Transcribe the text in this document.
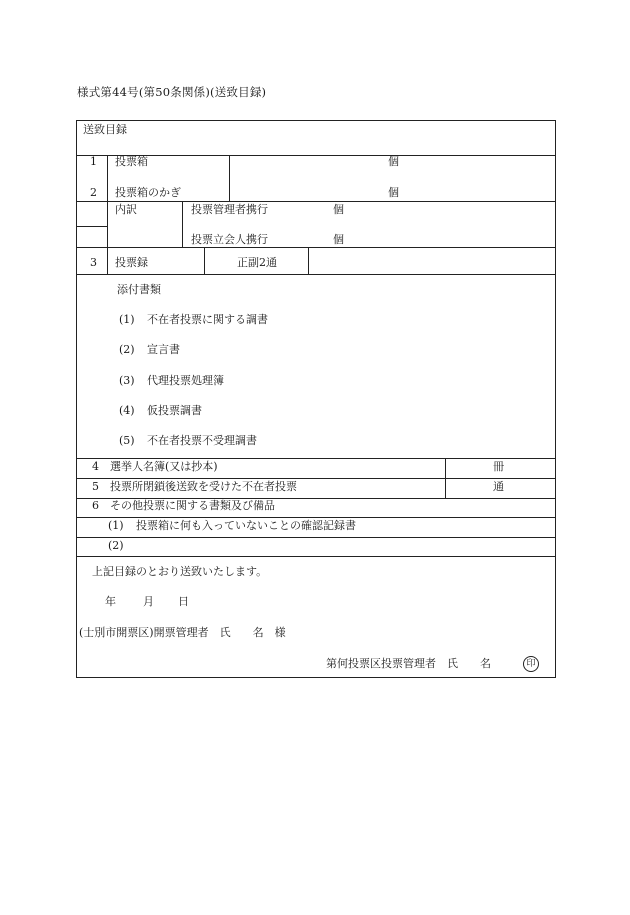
様式第44号(第50条関係)(送致目録)
送致目録
1 投票箱	個
2 投票箱のかぎ	個
内訳	投票管理者携行	個
投票立会人携行	個
3 投票録	正副2通
添付書類
(1) 不在者投票に関する調書
(2) 宣言書
(3) 代理投票処理簿
(4) 仮投票調書
(5) 不在者投票不受理調書
4　選挙人名簿(又は抄本)	冊
5　投票所閉鎖後送致を受けた不在者投票	通
6　その他投票に関する書類及び備品
(1) 投票箱に何も入っていないことの確認記録書
(2)
上記目録のとおり送致いたします。
年 月 日
(士別市開票区)開票管理者　氏　　名　様
第何投票区投票管理者　氏　　名	印
